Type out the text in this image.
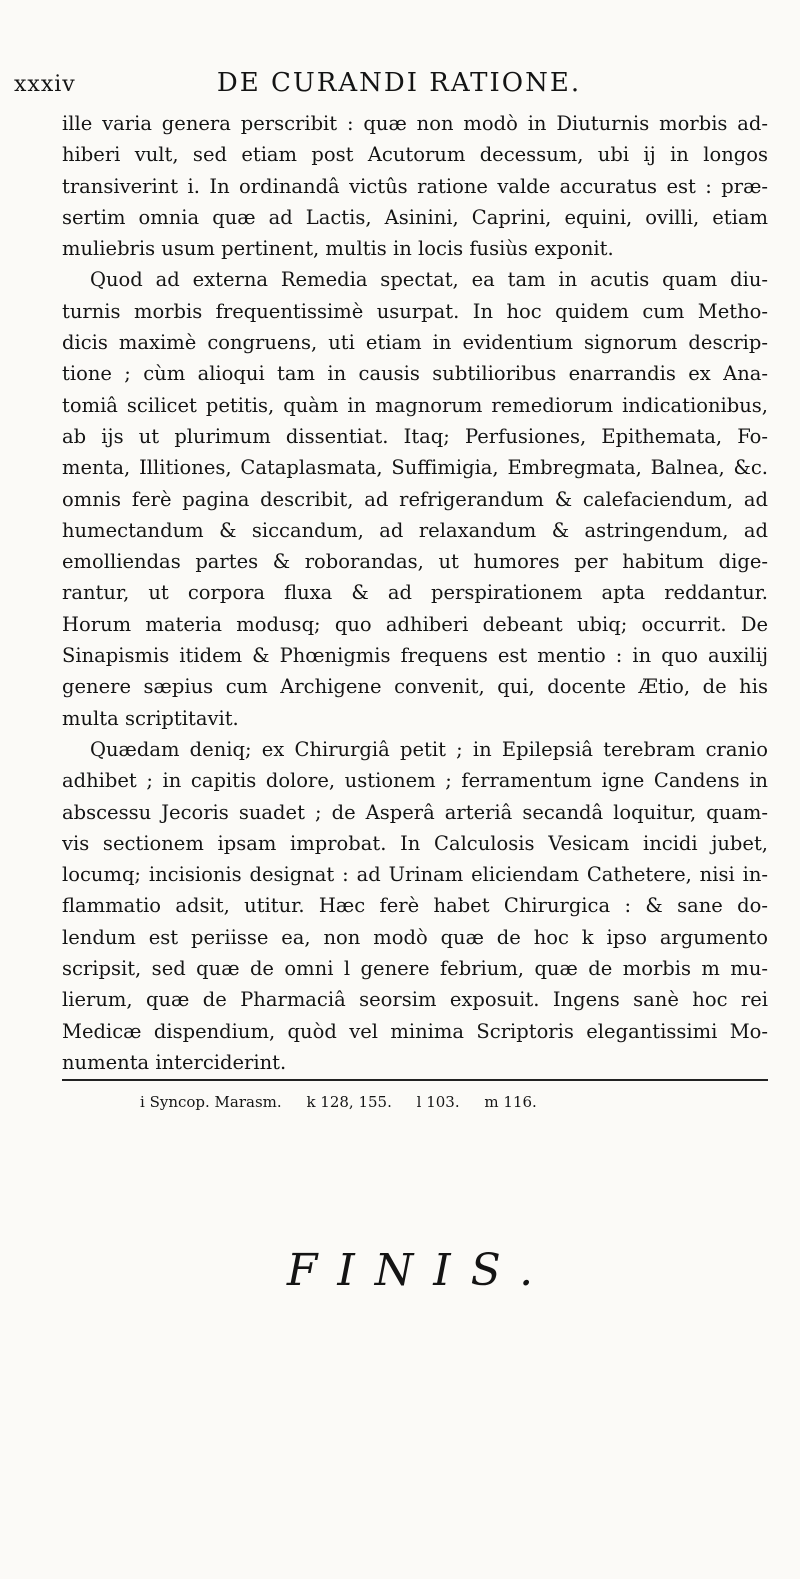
xxxiv	DE CURANDI RATIONE.
ille varia genera perscribit : quæ non modò in Diuturnis morbis ad-
hiberi vult, sed etiam post Acutorum decessum, ubi ij in longos
transiverint i. In ordinandâ victûs ratione valde accuratus est : præ-
sertim omnia quæ ad Lactis, Asinini, Caprini, equini, ovilli, etiam
muliebris usum pertinent, multis in locis fusiùs exponit.
Quod ad externa Remedia spectat, ea tam in acutis quam diu-
turnis morbis frequentissimè usurpat. In hoc quidem cum Metho-
dicis maximè congruens, uti etiam in evidentium signorum descrip-
tione ; cùm alioqui tam in causis subtilioribus enarrandis ex Ana-
tomiâ scilicet petitis, quàm in magnorum remediorum indicationibus,
ab ijs ut plurimum dissentiat. Itaq; Perfusiones, Epithemata, Fo-
menta, Illitiones, Cataplasmata, Suffimigia, Embregmata, Balnea, &c.
omnis ferè pagina describit, ad refrigerandum & calefaciendum, ad
humectandum & siccandum, ad relaxandum & astringendum, ad
emolliendas partes & roborandas, ut humores per habitum dige-
rantur, ut corpora fluxa & ad perspirationem apta reddantur.
Horum materia modusq; quo adhiberi debeant ubiq; occurrit. De
Sinapismis itidem & Phœnigmis frequens est mentio : in quo auxilij
genere sæpius cum Archigene convenit, qui, docente Ætio, de his
multa scriptitavit.
Quædam deniq; ex Chirurgiâ petit ; in Epilepsiâ terebram cranio
adhibet ; in capitis dolore, ustionem ; ferramentum igne Candens in
abscessu Jecoris suadet ; de Asperâ arteriâ secandâ loquitur, quam-
vis sectionem ipsam improbat. In Calculosis Vesicam incidi jubet,
locumq; incisionis designat : ad Urinam eliciendam Cathetere, nisi in-
flammatio adsit, utitur. Hæc ferè habet Chirurgica : & sane do-
lendum est periisse ea, non modò quæ de hoc k ipso argumento
scripsit, sed quæ de omni l genere febrium, quæ de morbis m mu-
lierum, quæ de Pharmaciâ seorsim exposuit. Ingens sanè hoc rei
Medicæ dispendium, quòd vel minima Scriptoris elegantissimi Mo-
numenta interciderint.
i Syncop. Marasm. k 128, 155. l 103. m 116.
FINIS.
